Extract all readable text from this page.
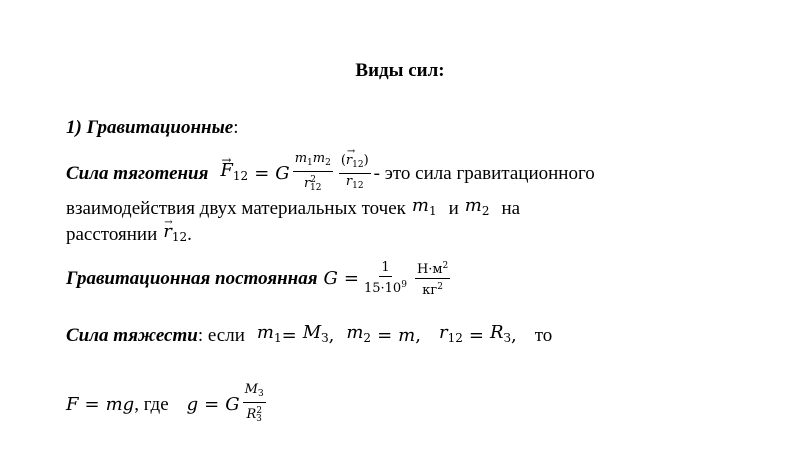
Виды сил:
1) Гравитационные :
Сила тяготения → $F_{12} = G \frac{m_1m_2}{r^2_{12}} \frac{(\to r_{12})}{r_{12}}$ - это сила гравитационного
взаимодействия двух материальных точек $m_1$ и $m_2$ на
расстоянии → $r_{12}$ .
Гравитационная постоянная $G = \frac{1}{15\cdot 10^9} \frac{Н\cdot м^2}{кг^2}$
Сила тяжести : если $m_1 = M_З$ , $m_2 = m$ , $r_{12} = R_З$ , то
F = mg , где g = G $\frac{M_З}{R^2_З}$
